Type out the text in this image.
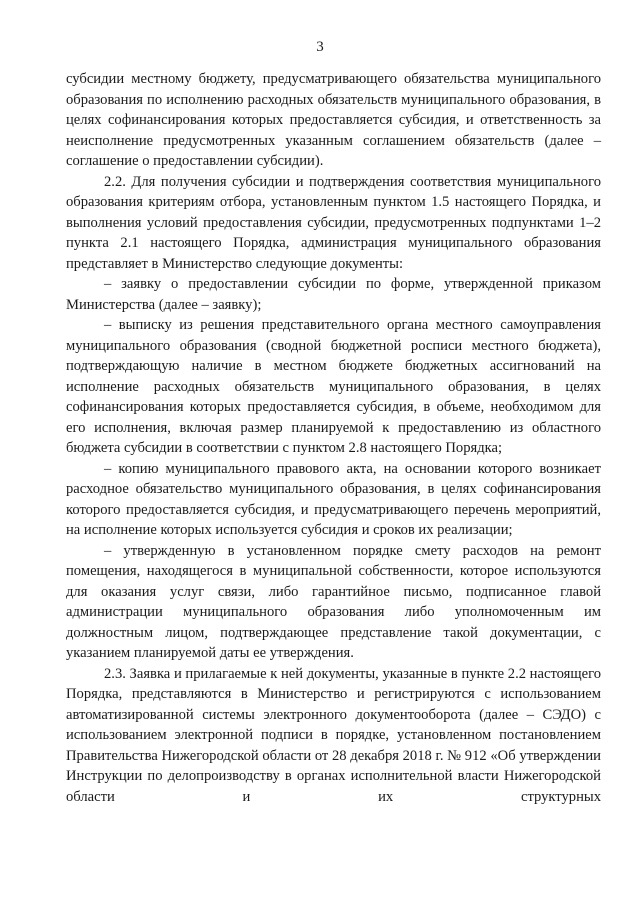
3

субсидии местному бюджету, предусматривающего обязательства муниципального образования по исполнению расходных обязательств муниципального образования, в целях софинансирования которых предоставляется субсидия, и ответственность за неисполнение предусмотренных указанным соглашением обязательств (далее – соглашение о предоставлении субсидии).

2.2. Для получения субсидии и подтверждения соответствия муниципального образования критериям отбора, установленным пунктом 1.5 настоящего Порядка, и выполнения условий предоставления субсидии, предусмотренных подпунктами 1–2 пункта 2.1 настоящего Порядка, администрация муниципального образования представляет в Министерство следующие документы:

– заявку о предоставлении субсидии по форме, утвержденной приказом Министерства (далее – заявку);

– выписку из решения представительного органа местного самоуправления муниципального образования (сводной бюджетной росписи местного бюджета), подтверждающую наличие в местном бюджете бюджетных ассигнований на исполнение расходных обязательств муниципального образования, в целях софинансирования которых предоставляется субсидия, в объеме, необходимом для его исполнения, включая размер планируемой к предоставлению из областного бюджета субсидии в соответствии с пунктом 2.8 настоящего Порядка;

– копию муниципального правового акта, на основании которого возникает расходное обязательство муниципального образования, в целях софинансирования которого предоставляется субсидия, и предусматривающего перечень мероприятий, на исполнение которых используется субсидия и сроков их реализации;

– утвержденную в установленном порядке смету расходов на ремонт помещения, находящегося в муниципальной собственности, которое используются для оказания услуг связи, либо гарантийное письмо, подписанное главой администрации муниципального образования либо уполномоченным им должностным лицом, подтверждающее представление такой документации, с указанием планируемой даты ее утверждения.

2.3. Заявка и прилагаемые к ней документы, указанные в пункте 2.2 настоящего Порядка, представляются в Министерство и регистрируются с использованием автоматизированной системы электронного документооборота (далее – СЭДО) с использованием электронной подписи в порядке, установленном постановлением Правительства Нижегородской области от 28 декабря 2018 г. № 912 «Об утверждении Инструкции по делопроизводству в органах исполнительной власти Нижегородской области и их структурных
